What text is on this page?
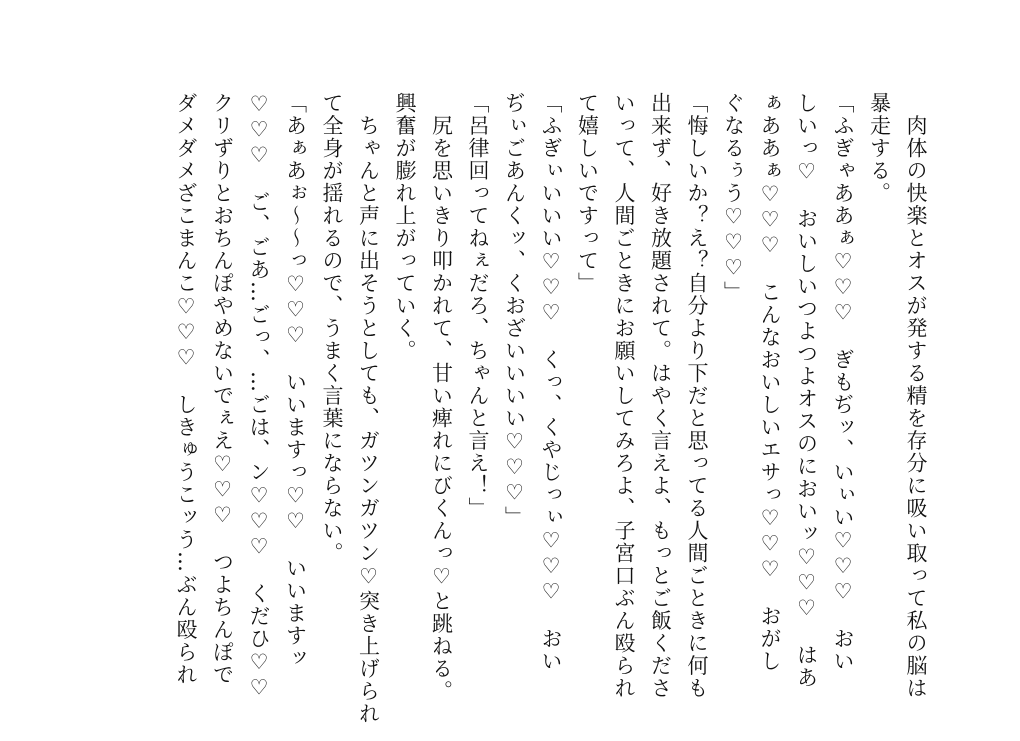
　肉体の快楽とオスが発する精を存分に吸い取って私の脳は
暴走する。
「ふぎゃああぁ♡♡♡　ぎもぢッ、いぃい♡♡♡　おい
しいっ♡　おいしいつよつよオスのにおいッ♡♡♡　はあ
ぁああぁ♡♡♡　こんなおいしいエサっ♡♡♡　おがし
ぐなるぅう♡♡♡」
「悔しいか？え？自分より下だと思ってる人間ごときに何も
出来ず、好き放題されて。はやく言えよ、もっとご飯くださ
いって、人間ごときにお願いしてみろよ、子宮口ぶん殴られ
て嬉しいですって」
「ふぎぃいいい♡♡♡　くっ、くやじっぃ♡♡♡　おい
ぢぃごあんくッ、くおざいいいい♡♡♡」
「呂律回ってねぇだろ、ちゃんと言え！」
　尻を思いきり叩かれて、甘い痺れにびくんっ♡と跳ねる。
興奮が膨れ上がっていく。
　ちゃんと声に出そうとしても、ガツンガツン♡突き上げられ
て全身が揺れるので、うまく言葉にならない。
「あぁあぉ～～っ♡♡♡　いいますっ♡♡　いいますッ
♡♡♡　ご、ごあ…ごっ、…ごは、ン♡♡♡　くだひ♡♡
クリずりとおちんぽやめないでぇえ♡♡♡　つよちんぽで
ダメダメざこまんこ♡♡♡　しきゅうこッう…ぶん殴られ
